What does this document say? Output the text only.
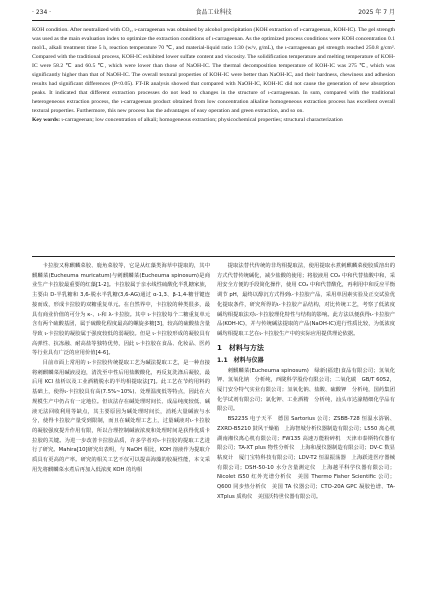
· 234 ·	食品工业科技	2025 年 7 月

KOH condition. After neutralized with CO₂, ι-carrageenan was obtained by alcohol precipitation (KOH extraction of ι-carrageenan, KOH-IC). The gel strength was used as the main evaluation index to optimize the extraction conditions of ι-carrageenan. As the optimized process conditions were KOH concentration 0.1 mol/L, alkali treatment time 5 h, reaction temperature 70 ℃, and material-liquid ratio 1:30 (w/v, g/mL), the ι-carrageenan gel strength reached 250.8 g/cm². Compared with the traditional process, KOH-IC exhibited lower sulfate content and viscosity. The solidification temperature and melting temperature of KOH-IC were 58.2 ℃ and 60.5 ℃, which were lower than those of NaOH-IC. The thermal decomposition temperature of KOH-IC was 275 ℃, which was significantly higher than that of NaOH-IC. The overall textural properties of KOH-IC were better than NaOH-IC, and their hardness, chewiness and adhesion results had significant differences (P<0.05). FT-IR analysis showed that compared with NaOH-IC, KOH-IC did not cause the generation of new absorption peaks. It indicated that different extraction processes do not lead to changes in the structure of ι-carrageenan. In sum, compared with the traditional heterogeneous extraction process, the ι-carrageenan product obtained from low concentration alkaline homogeneous extraction process has excellent overall textural properties. Furthermore, this new process has the advantages of easy operation and green extraction, and so on.

Key words: ι-carrageenan; low concentration of alkali; homogeneous extraction; physicochemical properties; structural characterization

卡拉胶又称麒麟菜胶、鹿角菜胶等，它是从红藻类海草中提取的，其中麒麟菜(Eucheuma muricatum)与刺麒麟菜(Eucheuma spinosum)是商业生产卡拉胶最重要的红藻[1-2]。卡拉胶属于亲水线性硫酸化半乳糖家族，主要由 D-半乳糖和 3,6-脱水半乳糖(3,6-AG)通过 α-1,3、β-1,4-糖苷键连接而成，形成卡拉胶的双糖重复单元。在自然界中，卡拉胶的种类很多，最具有商业价值的可分为 κ-、ι-和 λ-卡拉胶。其中 ι-卡拉胶每个二糖重复单元含有两个硫酸基团，属于硫酸化程度最高的螺旋多糖[3]，较高的硫酸盐含量导致 ι-卡拉胶的凝胶属于强度较低的弱凝胶。但是 ι-卡拉胶形成的凝胶具有高弹性、抗冻融、耐高盐等独特优势，因此 ι-卡拉胶在食品、化妆品、医药等行业具有广泛的应用价值[4-6]。

目前市面上常用的 ι-卡拉胶传统提取工艺为碱法提取工艺，是一种直接将刺麒麟菜用碱液浸泡，清洗至中性后用盐酸酸化，再反复洗涤后凝胶，最后用 KCl 盐析以及工业酒精脱水的半均相提取法[7]。此工艺在节约用料的基础上，使得ι-卡拉胶具有高(7.5%~10%)、处理温度低等特点，因此在大规模生产中仍占有一定地位。但该法存在碱处理时间长、成品纯度较低、碱液无法回收利用等缺点，其主要原因为碱处理时间长，消耗大量碱液与水分，使得卡拉胶产量受到限制，而且在碱处理工艺上，过量碱液对ι-卡拉胶的凝胶强度提升作用有限，所以合理控制碱液浓度和处理时间是获得优质卡拉胶的关键。为进一步改善卡拉胶品质，许多学者对ι-卡拉胶的提取工艺进行了研究。Mahira[10]研究出表明，与 NaOH 相比，KOH 溶液作为提取介质具有更高的产率。研究的相关工艺不仅可以提高海藻的胶凝性能，本文采用先将麒麟菜水煮后再加入低浓度 KOH 的均相

提取法替代传统的非均相提取法，使用提取水煮刺麒麟菜使胶质溶出的方式代替传统碱化，减少盐酸的使用；将胶液用 CO₂ 中和代替盐酸中和，采用安全方便的手段简化操作，使用 CO₂ 中和代替酸化，再利用中和反应平衡调节 pH，最终以醇沉方式得到ι-卡拉胶产品，采用单因素实验及正交试验优化提取条件，研究所得的ι-卡拉胶产品结构，对比传统工艺，考察了低浓度碱均相提取法对ι-卡拉胶理化特性与结构的影响。此方法以便获得ι-卡拉胶产品(KOH-IC)，并与传统碱法提取的产品(NaOH-IC)进行性质比较，为低浓度碱均相提取工艺在ι-卡拉胶生产中的实际应用提供理论依据。

1　材料与方法
1.1　材料与仪器

刺麒麟菜(Eucheuma spinosum)　绿新(福建)食品有限公司；氢氧化钾、氢氧化钠　分析纯，西陇科学股份有限公司；二氧化碳　GB/T 6052，厦门安分特气实业有限公司；氢氧化钠、盐酸、硫酸钾　分析纯，国药集团化学试剂有限公司；氯化钾、工业酒精　分析纯，汕头市达濠精细化学品有限公司。

BS223S 电子天平　德国 Sartorius 公司；ZSBB-728 恒温水浴锅、ZXRD-B5210 鼓风干燥箱　上海智城分析仪器制造有限公司；L550 离心机　湖南湘仪离心机有限公司；FW135 高速万能粉碎机　天津市泰斯特仪器有限公司；TA-XT plus 物性分析仪　上海和晟仪器制造有限公司；DV-C 数显粘度计　厦门宝特科技有限公司；LDV-T2 恒温振荡器　上海跃进医疗器械有限公司；DSH-50-10 水分含量测定仪　上海越平科学仪器有限公司；Nicolet iS50 红外光谱分析仪　美国 Thermo Fisher Scientific 公司；Q600 同步热分析仪　美国 TA 仪器公司；CTO-20A GPC 凝胶色谱、TA-XTplus 质构仪　美国沃特世仪器有限公司。
